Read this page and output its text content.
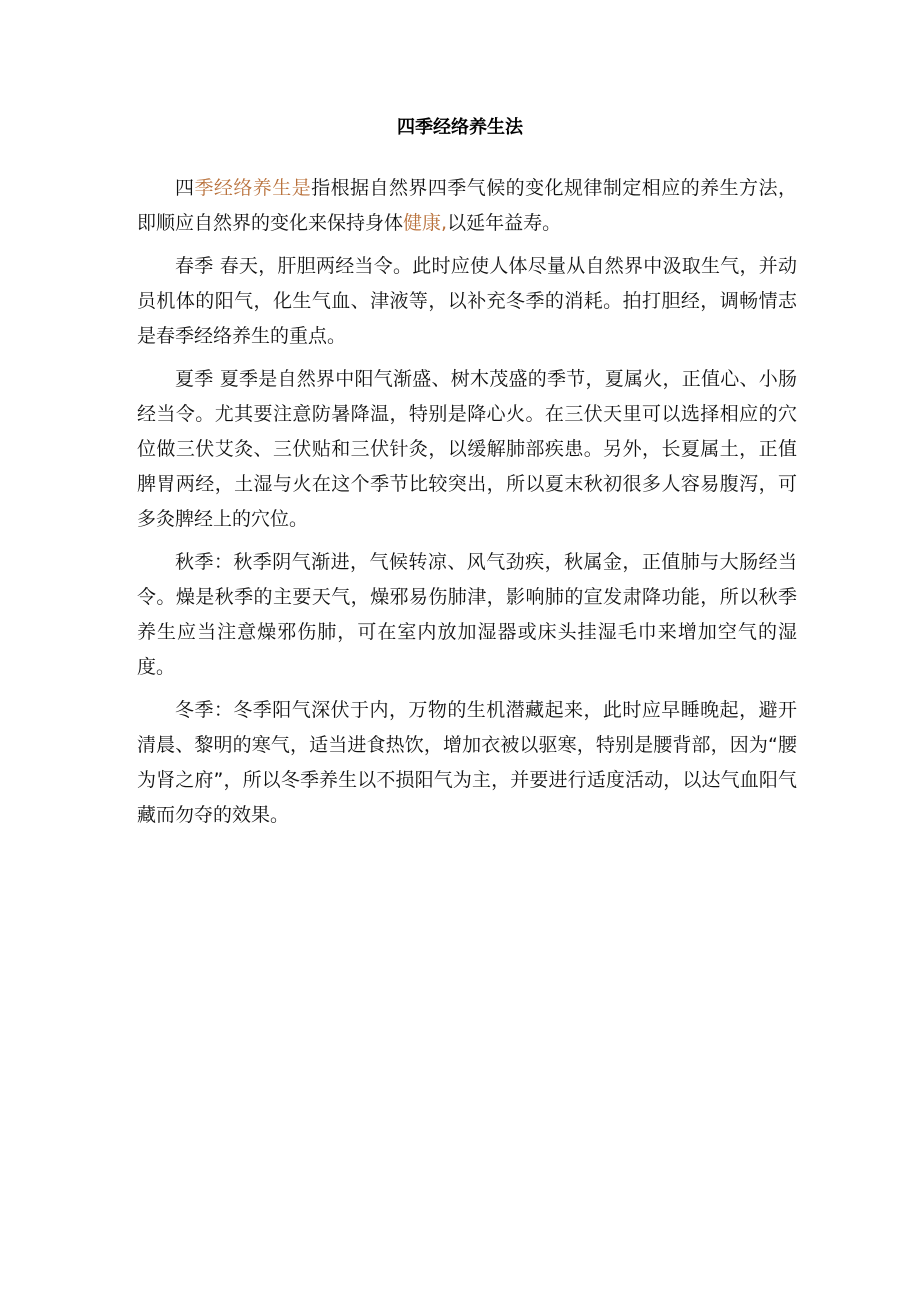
四季经络养生法

四季经络养生是指根据自然界四季气候的变化规律制定相应的养生方法，即顺应自然界的变化来保持身体健康,以延年益寿。

春季 春天，肝胆两经当令。此时应使人体尽量从自然界中汲取生气，并动员机体的阳气，化生气血、津液等，以补充冬季的消耗。拍打胆经，调畅情志是春季经络养生的重点。

夏季 夏季是自然界中阳气渐盛、树木茂盛的季节，夏属火，正值心、小肠经当令。尤其要注意防暑降温，特别是降心火。在三伏天里可以选择相应的穴位做三伏艾灸、三伏贴和三伏针灸，以缓解肺部疾患。另外，长夏属土，正值脾胃两经，土湿与火在这个季节比较突出，所以夏末秋初很多人容易腹泻，可多灸脾经上的穴位。

秋季：秋季阴气渐进，气候转凉、风气劲疾，秋属金，正值肺与大肠经当令。燥是秋季的主要天气，燥邪易伤肺津，影响肺的宣发肃降功能，所以秋季养生应当注意燥邪伤肺，可在室内放加湿器或床头挂湿毛巾来增加空气的湿度。

冬季：冬季阳气深伏于内，万物的生机潜藏起来，此时应早睡晚起，避开清晨、黎明的寒气，适当进食热饮，增加衣被以驱寒，特别是腰背部，因为“腰为肾之府”，所以冬季养生以不损阳气为主，并要进行适度活动，以达气血阳气藏而勿夺的效果。
